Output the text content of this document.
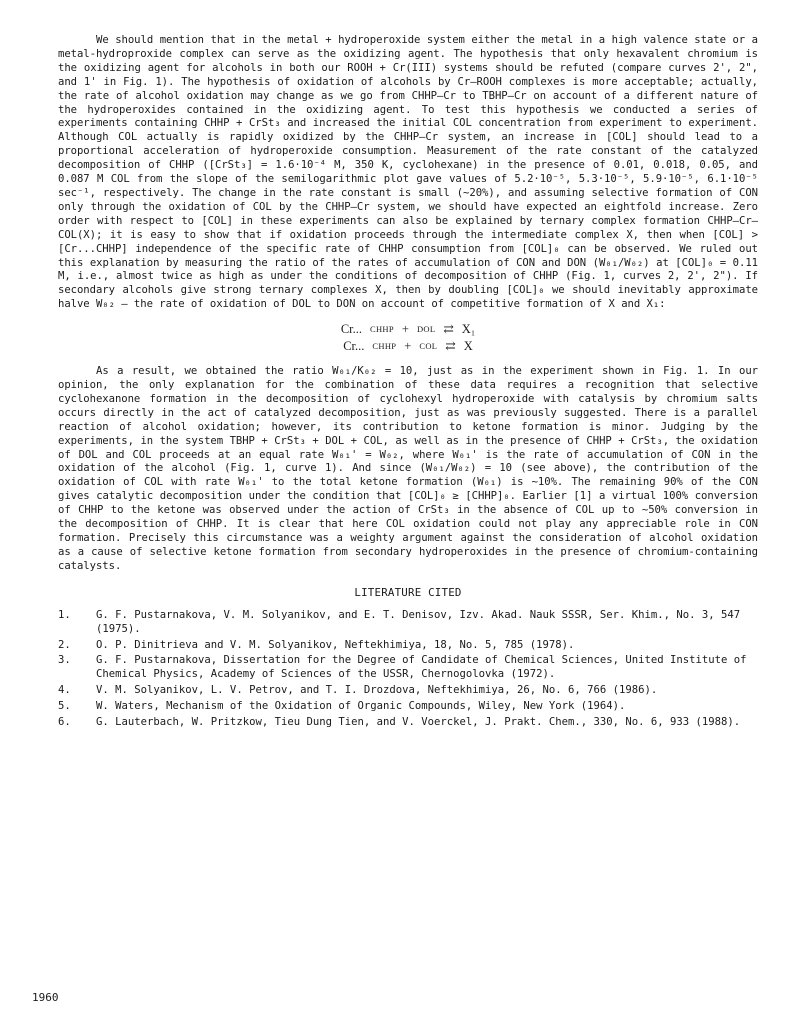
We should mention that in the metal + hydroperoxide system either the metal in a high valence state or a metal-hydroproxide complex can serve as the oxidizing agent. The hypothesis that only hexavalent chromium is the oxidizing agent for alcohols in both our ROOH + Cr(III) systems should be refuted (compare curves 2', 2", and 1' in Fig. 1). The hypothesis of oxidation of alcohols by Cr—ROOH complexes is more acceptable; actually, the rate of alcohol oxidation may change as we go from CHHP—Cr to TBHP—Cr on account of a different nature of the hydroperoxides contained in the oxidizing agent. To test this hypothesis we conducted a series of experiments containing CHHP + CrSt₃ and increased the initial COL concentration from experiment to experiment. Although COL actually is rapidly oxidized by the CHHP—Cr system, an increase in [COL] should lead to a proportional acceleration of hydroperoxide consumption. Measurement of the rate constant of the catalyzed decomposition of CHHP ([CrSt₃] = 1.6·10⁻⁴ M, 350 K, cyclohexane) in the presence of 0.01, 0.018, 0.05, and 0.087 M COL from the slope of the semilogarithmic plot gave values of 5.2·10⁻⁵, 5.3·10⁻⁵, 5.9·10⁻⁵, 6.1·10⁻⁵ sec⁻¹, respectively. The change in the rate constant is small (~20%), and assuming selective formation of CON only through the oxidation of COL by the CHHP—Cr system, we should have expected an eightfold increase. Zero order with respect to [COL] in these experiments can also be explained by ternary complex formation CHHP—Cr—COL(X); it is easy to show that if oxidation proceeds through the intermediate complex X, then when [COL] > [Cr...CHHP] independence of the specific rate of CHHP consumption from [COL]₀ can be observed. We ruled out this explanation by measuring the ratio of the rates of accumulation of CON and DON (W₀₁/W₀₂) at [COL]₀ = 0.11 M, i.e., almost twice as high as under the conditions of decomposition of CHHP (Fig. 1, curves 2, 2', 2"). If secondary alcohols give strong ternary complexes X, then by doubling [COL]₀ we should inevitably approximate halve W₀₂ — the rate of oxidation of DOL to DON on account of competitive formation of X and X₁:

Cr... CHHP + DOL ⇄ X₁
Cr... CHHP + COL ⇄ X

As a result, we obtained the ratio W₀₁/K₀₂ = 10, just as in the experiment shown in Fig. 1. In our opinion, the only explanation for the combination of these data requires a recognition that selective cyclohexanone formation in the decomposition of cyclohexyl hydroperoxide with catalysis by chromium salts occurs directly in the act of catalyzed decomposition, just as was previously suggested. There is a parallel reaction of alcohol oxidation; however, its contribution to ketone formation is minor. Judging by the experiments, in the system TBHP + CrSt₃ + DOL + COL, as well as in the presence of CHHP + CrSt₃, the oxidation of DOL and COL proceeds at an equal rate W₀₁' = W₀₂, where W₀₁' is the rate of accumulation of CON in the oxidation of the alcohol (Fig. 1, curve 1). And since (W₀₁/W₀₂) = 10 (see above), the contribution of the oxidation of COL with rate W₀₁' to the total ketone formation (W₀₁) is ~10%. The remaining 90% of the CON gives catalytic decomposition under the condition that [COL]₀ ≥ [CHHP]₀. Earlier [1] a virtual 100% conversion of CHHP to the ketone was observed under the action of CrSt₃ in the absence of COL up to ~50% conversion in the decomposition of CHHP. It is clear that here COL oxidation could not play any appreciable role in CON formation. Precisely this circumstance was a weighty argument against the consideration of alcohol oxidation as a cause of selective ketone formation from secondary hydroperoxides in the presence of chromium-containing catalysts.

LITERATURE CITED
1.	G. F. Pustarnakova, V. M. Solyanikov, and E. T. Denisov, Izv. Akad. Nauk SSSR, Ser. Khim., No. 3, 547 (1975).
2.	O. P. Dinitrieva and V. M. Solyanikov, Neftekhimiya, 18, No. 5, 785 (1978).
3.	G. F. Pustarnakova, Dissertation for the Degree of Candidate of Chemical Sciences, United Institute of Chemical Physics, Academy of Sciences of the USSR, Chernogolovka (1972).
4.	V. M. Solyanikov, L. V. Petrov, and T. I. Drozdova, Neftekhimiya, 26, No. 6, 766 (1986).
5.	W. Waters, Mechanism of the Oxidation of Organic Compounds, Wiley, New York (1964).
6.	G. Lauterbach, W. Pritzkow, Tieu Dung Tien, and V. Voerckel, J. Prakt. Chem., 330, No. 6, 933 (1988).
1960
